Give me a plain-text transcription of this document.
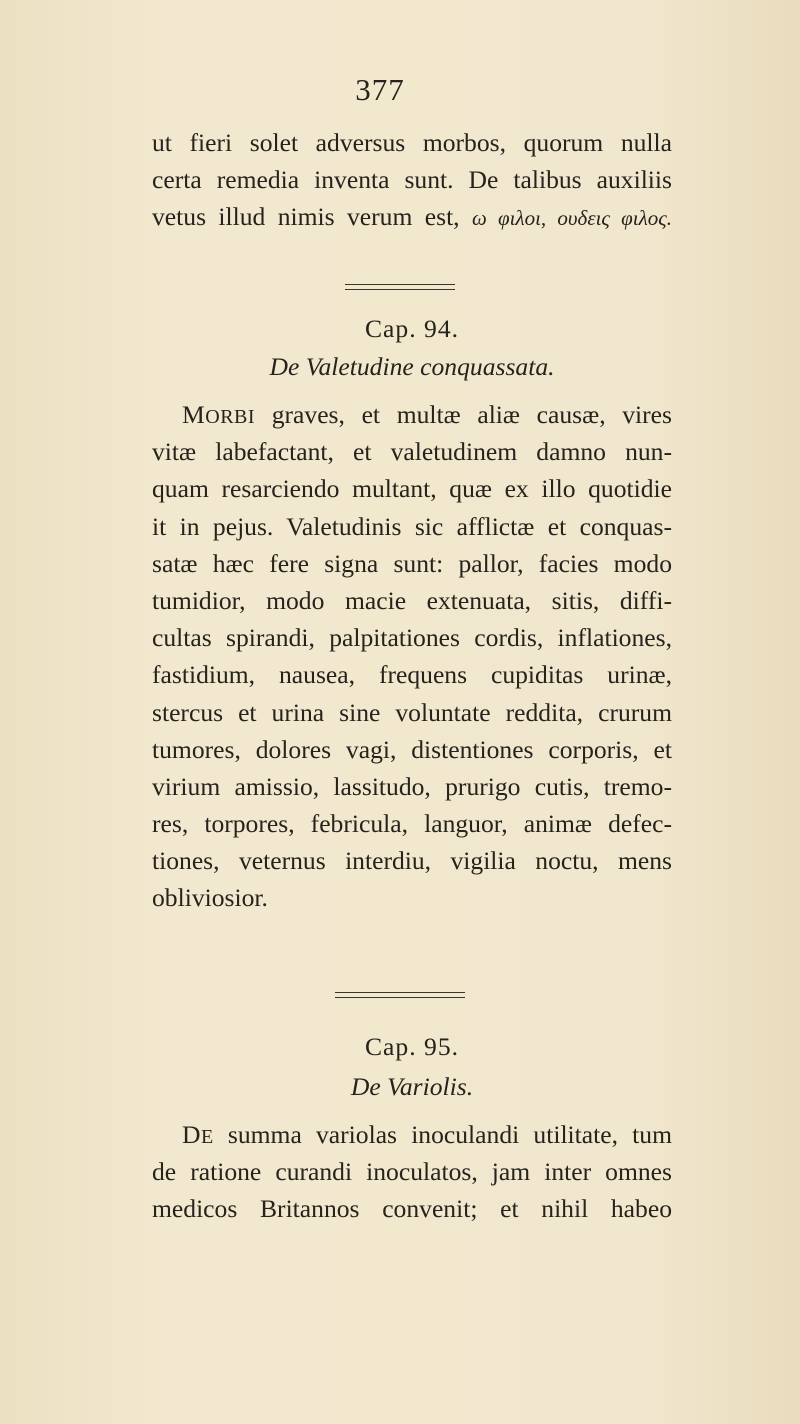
377
ut fieri solet adversus morbos, quorum nulla
certa remedia inventa sunt. De talibus auxiliis
vetus illud nimis verum est, ω φιλοι, ουδεις φιλος.
Cap. 94.
De Valetudine conquassata.
MORBI graves, et multæ aliæ causæ, vires
vitæ labefactant, et valetudinem damno nun-
quam resarciendo multant, quæ ex illo quotidie
it in pejus. Valetudinis sic afflictæ et conquas-
satæ hæc fere signa sunt: pallor, facies modo
tumidior, modo macie extenuata, sitis, diffi-
cultas spirandi, palpitationes cordis, inflationes,
fastidium, nausea, frequens cupiditas urinæ,
stercus et urina sine voluntate reddita, crurum
tumores, dolores vagi, distentiones corporis, et
virium amissio, lassitudo, prurigo cutis, tremo-
res, torpores, febricula, languor, animæ defec-
tiones, veternus interdiu, vigilia noctu, mens
obliviosior.
Cap. 95.
De Variolis.
DE summa variolas inoculandi utilitate, tum
de ratione curandi inoculatos, jam inter omnes
medicos Britannos convenit; et nihil habeo
